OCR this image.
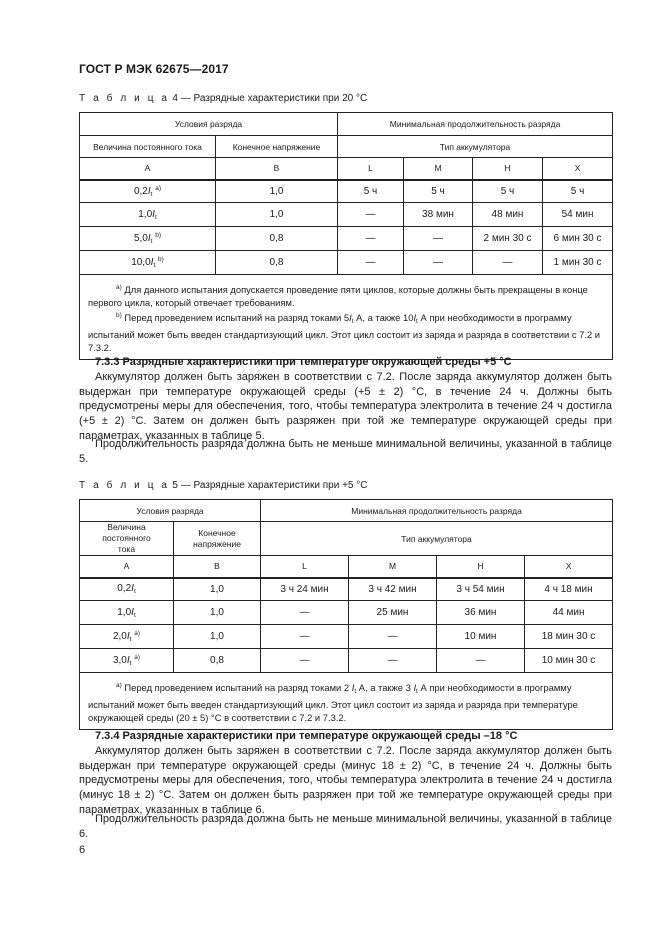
ГОСТ Р МЭК 62675—2017
Т а б л и ц а 4 — Разрядные характеристики при 20 °C
Условия разряда		Минимальная продолжительность разряда			
Величина постоянного тока	Конечное напряжение	Тип аккумулятора			
A	B	L	M	H	X
$0,2I_t$ $^{a)}$	1,0	5 ч	5 ч	5 ч	5 ч
$1,0I_t$	1,0	—	38 мин	48 мин	54 мин
$5,0I_t$ $^{b)}$	0,8	—	—	2 мин 30 с	6 мин 30 с
$10,0I_t$ $^{b)}$	0,8	—	—	—	1 мин 30 с

$^{a)}$ Для данного испытания допускается проведение пяти циклов, которые должны быть прекращены в конце первого цикла, который отвечает требованиям.
$^{b)}$ Перед проведением испытаний на разряд токами $5I_t$ А, а также $10I_t$ А при необходимости в программу испытаний может быть введен стандартизующий цикл. Этот цикл состоит из заряда и разряда в соответствии с 7.2 и 7.3.2.					
7.3.3 Разрядные характеристики при температуре окружающей среды +5 °C

Аккумулятор должен быть заряжен в соответствии с 7.2. После заряда аккумулятор должен быть выдержан при температуре окружающей среды (+5 ± 2) °C, в течение 24 ч. Должны быть предусмотрены меры для обеспечения, того, чтобы температура электролита в течение 24 ч достигла (+5 ± 2) °C. Затем он должен быть разряжен при той же температуре окружающей среды при параметрах, указанных в таблице 5.

Продолжительность разряда должна быть не меньше минимальной величины, указанной в таблице 5.

Т а б л и ц а 5 — Разрядные характеристики при +5 °C
Условия разряда		Минимальная продолжительность разряда			
Величина постоянного тока	Конечное напряжение	Тип аккумулятора			
A	B	L	M	H	X
$0,2I_t$	1,0	3 ч 24 мин	3 ч 42 мин	3 ч 54 мин	4 ч 18 мин
$1,0I_t$	1,0	—	25 мин	36 мин	44 мин
$2,0I_t$ $^{a)}$	1,0	—	—	10 мин	18 мин 30 с
$3,0I_t$ $^{a)}$	0,8	—	—	—	10 мин 30 с

$^{a)}$ Перед проведением испытаний на разряд токами 2 $I_t$ А, а также 3 $I_t$ А при необходимости в программу испытаний может быть введен стандартизующий цикл. Этот цикл состоит из заряда и разряда при температуре окружающей среды (20 ± 5) °C в соответствии с 7.2 и 7.3.2.					
7.3.4 Разрядные характеристики при температуре окружающей среды –18 °C

Аккумулятор должен быть заряжен в соответствии с 7.2. После заряда аккумулятор должен быть выдержан при температуре окружающей среды (минус 18 ± 2) °C, в течение 24 ч. Должны быть предусмотрены меры для обеспечения, того, чтобы температура электролита в течение 24 ч достигла (минус 18 ± 2) °C. Затем он должен быть разряжен при той же температуре окружающей среды при параметрах, указанных в таблице 6.

Продолжительность разряда должна быть не меньше минимальной величины, указанной в таблице 6.

6
